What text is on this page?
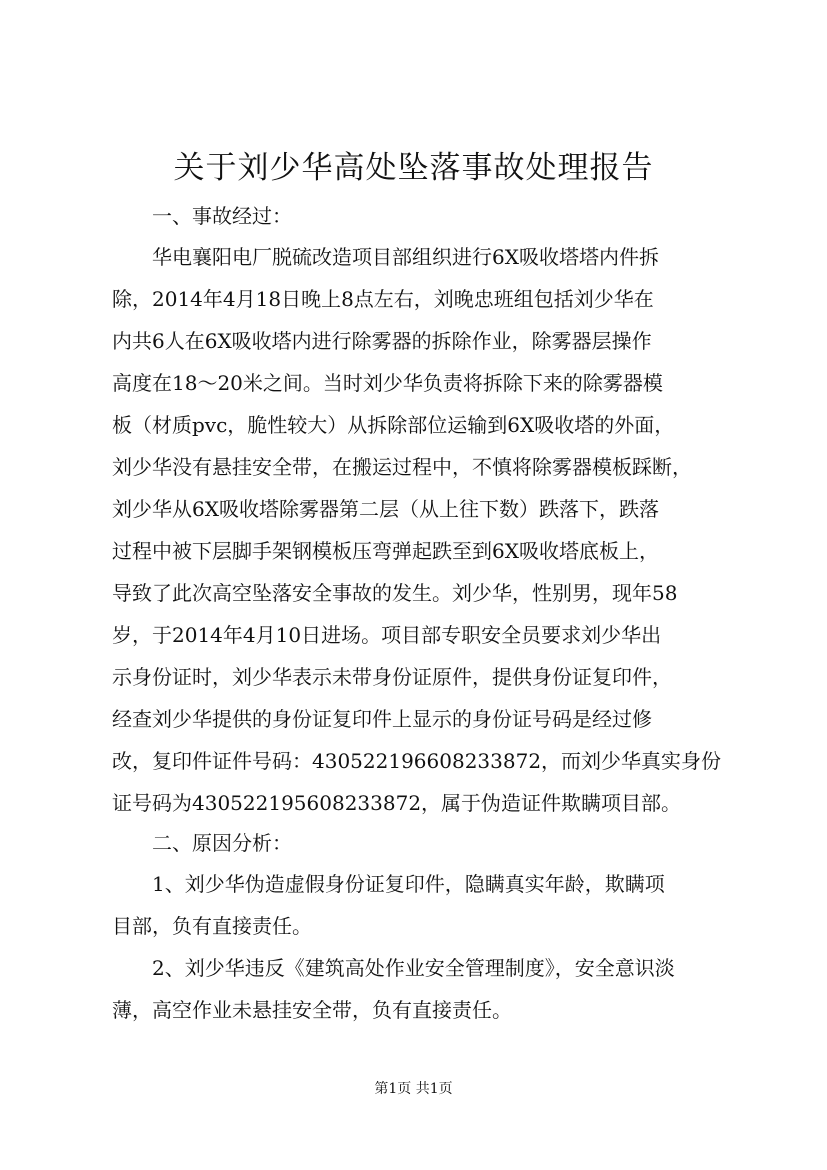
关于刘少华高处坠落事故处理报告
一、事故经过：
华电襄阳电厂脱硫改造项目部组织进行6X吸收塔塔内件拆
除，2014年4月18日晚上8点左右，刘晚忠班组包括刘少华在
内共6人在6X吸收塔内进行除雾器的拆除作业，除雾器层操作
高度在18～20米之间。当时刘少华负责将拆除下来的除雾器模
板（材质pvc，脆性较大）从拆除部位运输到6X吸收塔的外面，
刘少华没有悬挂安全带，在搬运过程中，不慎将除雾器模板踩断，
刘少华从6X吸收塔除雾器第二层（从上往下数）跌落下，跌落
过程中被下层脚手架钢模板压弯弹起跌至到6X吸收塔底板上，
导致了此次高空坠落安全事故的发生。刘少华，性别男，现年58
岁，于2014年4月10日进场。项目部专职安全员要求刘少华出
示身份证时，刘少华表示未带身份证原件，提供身份证复印件，
经查刘少华提供的身份证复印件上显示的身份证号码是经过修
改，复印件证件号码：430522196608233872，而刘少华真实身份
证号码为430522195608233872，属于伪造证件欺瞒项目部。
二、原因分析：
1、刘少华伪造虚假身份证复印件，隐瞒真实年龄，欺瞒项
目部，负有直接责任。
2、刘少华违反《建筑高处作业安全管理制度》，安全意识淡
薄，高空作业未悬挂安全带，负有直接责任。
第1页 共1页
